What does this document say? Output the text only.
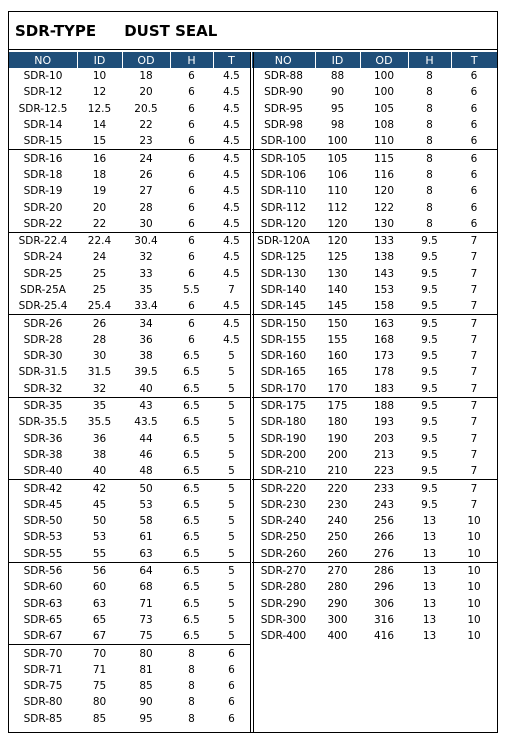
SDR-TYPE DUST SEAL
NO	ID	OD	H	T
SDR-10	10	18	6	4.5
SDR-12	12	20	6	4.5
SDR-12.5	12.5	20.5	6	4.5
SDR-14	14	22	6	4.5
SDR-15	15	23	6	4.5
SDR-16	16	24	6	4.5
SDR-18	18	26	6	4.5
SDR-19	19	27	6	4.5
SDR-20	20	28	6	4.5
SDR-22	22	30	6	4.5
SDR-22.4	22.4	30.4	6	4.5
SDR-24	24	32	6	4.5
SDR-25	25	33	6	4.5
SDR-25A	25	35	5.5	7
SDR-25.4	25.4	33.4	6	4.5
SDR-26	26	34	6	4.5
SDR-28	28	36	6	4.5
SDR-30	30	38	6.5	5
SDR-31.5	31.5	39.5	6.5	5
SDR-32	32	40	6.5	5
SDR-35	35	43	6.5	5
SDR-35.5	35.5	43.5	6.5	5
SDR-36	36	44	6.5	5
SDR-38	38	46	6.5	5
SDR-40	40	48	6.5	5
SDR-42	42	50	6.5	5
SDR-45	45	53	6.5	5
SDR-50	50	58	6.5	5
SDR-53	53	61	6.5	5
SDR-55	55	63	6.5	5
SDR-56	56	64	6.5	5
SDR-60	60	68	6.5	5
SDR-63	63	71	6.5	5
SDR-65	65	73	6.5	5
SDR-67	67	75	6.5	5
SDR-70	70	80	8	6
SDR-71	71	81	8	6
SDR-75	75	85	8	6
SDR-80	80	90	8	6
SDR-85	85	95	8	6
NO	ID	OD	H	T
SDR-88	88	100	8	6
SDR-90	90	100	8	6
SDR-95	95	105	8	6
SDR-98	98	108	8	6
SDR-100	100	110	8	6
SDR-105	105	115	8	6
SDR-106	106	116	8	6
SDR-110	110	120	8	6
SDR-112	112	122	8	6
SDR-120	120	130	8	6
SDR-120A	120	133	9.5	7
SDR-125	125	138	9.5	7
SDR-130	130	143	9.5	7
SDR-140	140	153	9.5	7
SDR-145	145	158	9.5	7
SDR-150	150	163	9.5	7
SDR-155	155	168	9.5	7
SDR-160	160	173	9.5	7
SDR-165	165	178	9.5	7
SDR-170	170	183	9.5	7
SDR-175	175	188	9.5	7
SDR-180	180	193	9.5	7
SDR-190	190	203	9.5	7
SDR-200	200	213	9.5	7
SDR-210	210	223	9.5	7
SDR-220	220	233	9.5	7
SDR-230	230	243	9.5	7
SDR-240	240	256	13	10
SDR-250	250	266	13	10
SDR-260	260	276	13	10
SDR-270	270	286	13	10
SDR-280	280	296	13	10
SDR-290	290	306	13	10
SDR-300	300	316	13	10
SDR-400	400	416	13	10
